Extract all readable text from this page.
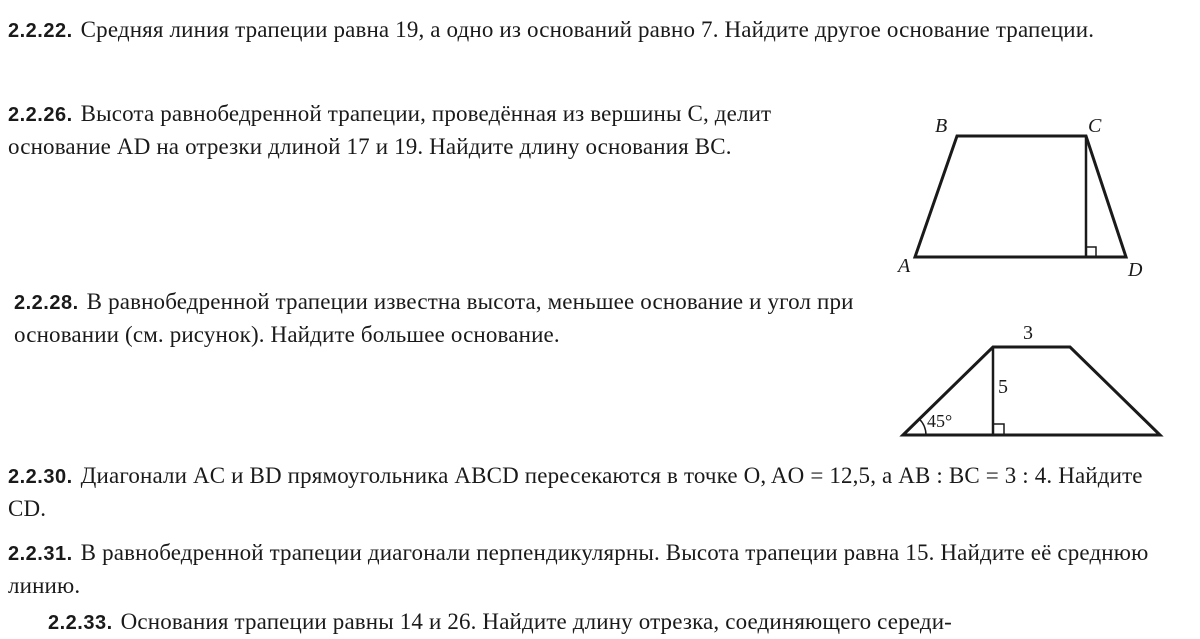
2.2.22. Средняя линия трапеции равна 19, а одно из оснований равно 7. Найдите другое основание трапеции.

2.2.26. Высота равнобедренной трапеции, проведённая из вершины C, делит основание AD на отрезки длиной 17 и 19. Найдите длину основания BC.

A
B	C
D

2.2.28. В равнобедренной трапеции известна высота, меньшее основание и угол при основании (см. рисунок). Найдите большее основание.	3
5
45°

2.2.30. Диагонали AC и BD прямоугольника ABCD пересекаются в точке O, AO = 12,5, а AB : BC = 3 : 4. Найдите CD.

2.2.31. В равнобедренной трапеции диагонали перпендикулярны. Высота трапеции равна 15. Найдите её среднюю линию.

2.2.33. Основания трапеции равны 14 и 26. Найдите длину отрезка, соединяющего середи-
